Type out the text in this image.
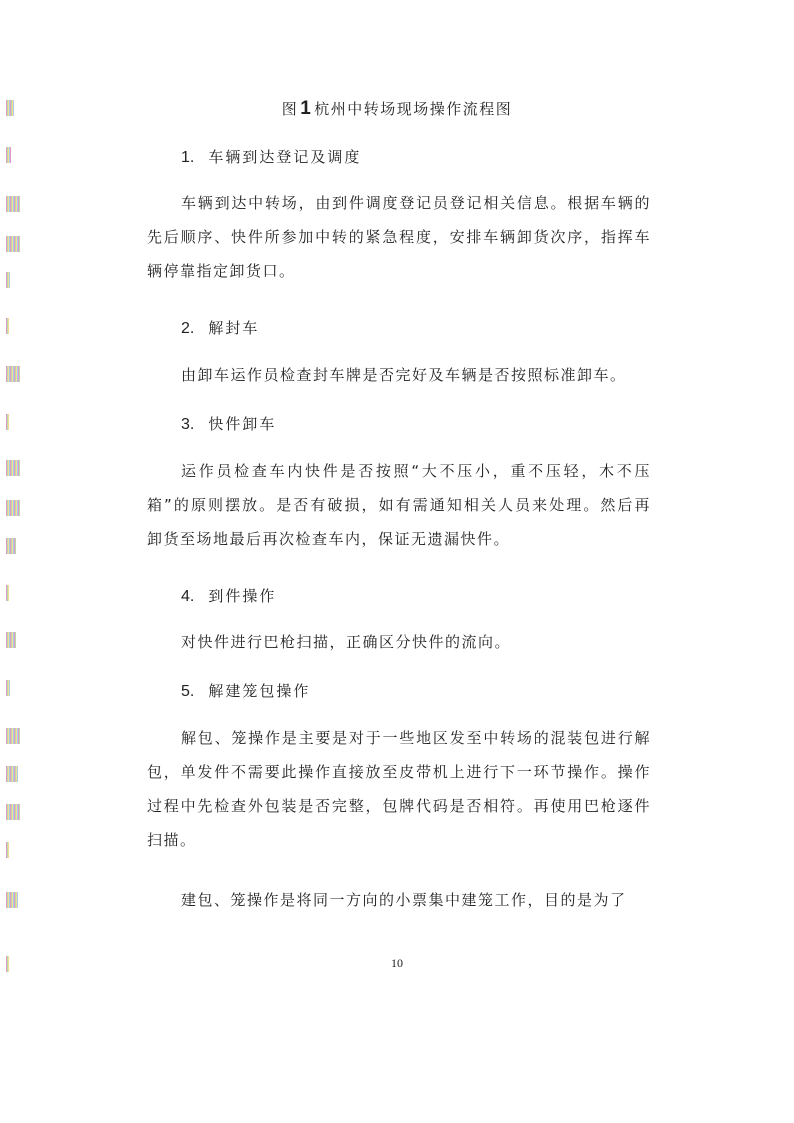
图 1 杭州中转场现场操作流程图
1. 车辆到达登记及调度

车辆到达中转场，由到件调度登记员登记相关信息。根据车辆的先后顺序、快件所参加中转的紧急程度，安排车辆卸货次序，指挥车辆停靠指定卸货口。

2. 解封车

由卸车运作员检查封车牌是否完好及车辆是否按照标准卸车。

3. 快件卸车

运作员检查车内快件是否按照“大不压小，重不压轻，木不压箱”的原则摆放。是否有破损，如有需通知相关人员来处理。然后再卸货至场地最后再次检查车内，保证无遗漏快件。

4. 到件操作

对快件进行巴枪扫描，正确区分快件的流向。

5. 解建笼包操作

解包、笼操作是主要是对于一些地区发至中转场的混装包进行解包，单发件不需要此操作直接放至皮带机上进行下一环节操作。操作过程中先检查外包装是否完整，包牌代码是否相符。再使用巴枪逐件扫描。

建包、笼操作是将同一方向的小票集中建笼工作，目的是为了

10
